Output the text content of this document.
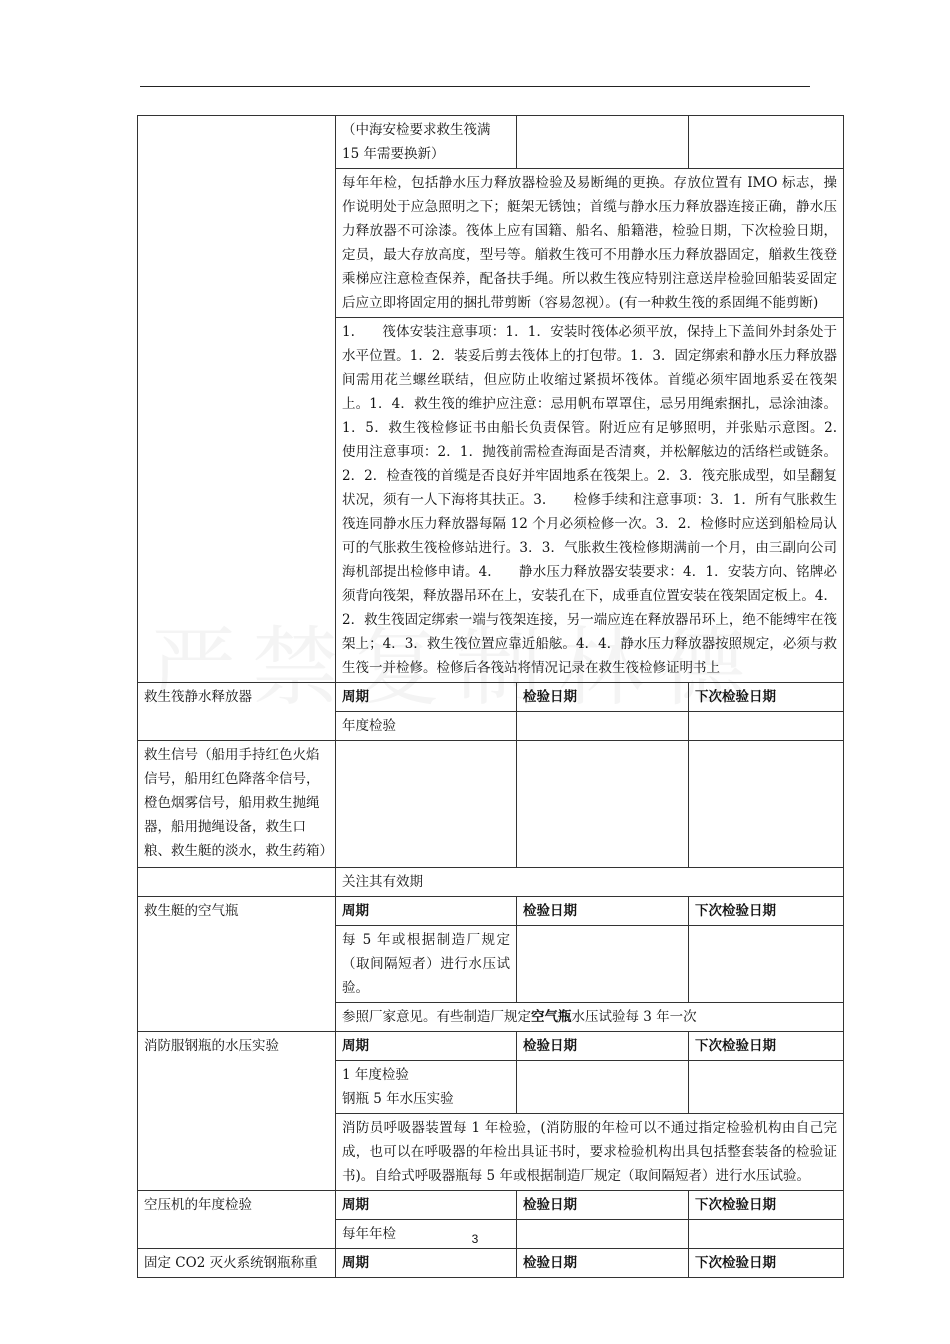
	（中海安检要求救生筏满
15 年需要换新）		

	每年年检，包括静水压力释放器检验及易断绳的更换。存放位置有 IMO 标志，操作说明处于应急照明之下；艇架无锈蚀；首缆与静水压力释放器连接正确，静水压力释放器不可涂漆。筏体上应有国籍、船名、船籍港，检验日期，下次检验日期，定员，最大存放高度，型号等。艏救生筏可不用静水压力释放器固定，艏救生筏登乘梯应注意检查保养，配备扶手绳。所以救生筏应特别注意送岸检验回船装妥固定后应立即将固定用的捆扎带剪断（容易忽视）。(有一种救生筏的系固绳不能剪断)		
	1.　　筏体安装注意事项：1．1．安装时筏体必须平放，保持上下盖间外封条处于水平位置。1．2．装妥后剪去筏体上的打包带。1．3．固定绑索和静水压力释放器间需用花兰螺丝联结，但应防止收缩过紧损坏筏体。首缆必须牢固地系妥在筏架上。1．4．救生筏的维护应注意：忌用帆布罩罩住，忌另用绳索捆扎，忌涂油漆。1．5．救生筏检修证书由船长负责保管。附近应有足够照明，并张贴示意图。2.　　使用注意事项：2．1．抛筏前需检查海面是否清爽，并松解舷边的活络栏或链条。2．2．检查筏的首缆是否良好并牢固地系在筏架上。2．3．筏充胀成型，如呈翻复状况，须有一人下海将其扶正。3.　　检修手续和注意事项：3．1．所有气胀救生筏连同静水压力释放器每隔 12 个月必须检修一次。3．2．检修时应送到船检局认可的气胀救生筏检修站进行。3．3．气胀救生筏检修期满前一个月，由三副向公司海机部提出检修申请。4.　　静水压力释放器安装要求：4．1．安装方向、铭牌必须背向筏架，释放器吊环在上，安装孔在下，成垂直位置安装在筏架固定板上。4．2．救生筏固定绑索一端与筏架连接，另一端应连在释放器吊环上，绝不能缚牢在筏架上；4．3．救生筏位置应靠近船舷。4．4．静水压力释放器按照规定，必须与救生筏一并检修。检修后各筏站将情况记录在救生筏检修证明书上		
救生筏静水释放器	周期	检验日期	下次检验日期
	年度检验		
救生信号（船用手持红色火焰信号，船用红色降落伞信号，橙色烟雾信号，船用救生抛绳器，船用抛绳设备，救生口粮、救生艇的淡水，救生药箱）			
	关注其有效期		
救生艇的空气瓶	周期	检验日期	下次检验日期
	每 5 年或根据制造厂规定（取间隔短者）进行水压试验。		
	参照厂家意见。有些制造厂规定空气瓶水压试验每 3 年一次		
消防服钢瓶的水压实验	周期	检验日期	下次检验日期

	1 年度检验
钢瓶 5 年水压实验		

	消防员呼吸器装置每 1 年检验，(消防服的年检可以不通过指定检验机构由自己完成，也可以在呼吸器的年检出具证书时，要求检验机构出具包括整套装备的检验证书)。自给式呼吸器瓶每 5 年或根据制造厂规定（取间隔短者）进行水压试验。		
空压机的年度检验	周期	检验日期	下次检验日期
	每年年检		
固定 CO2 灭火系统钢瓶称重	周期	检验日期	下次检验日期
3
